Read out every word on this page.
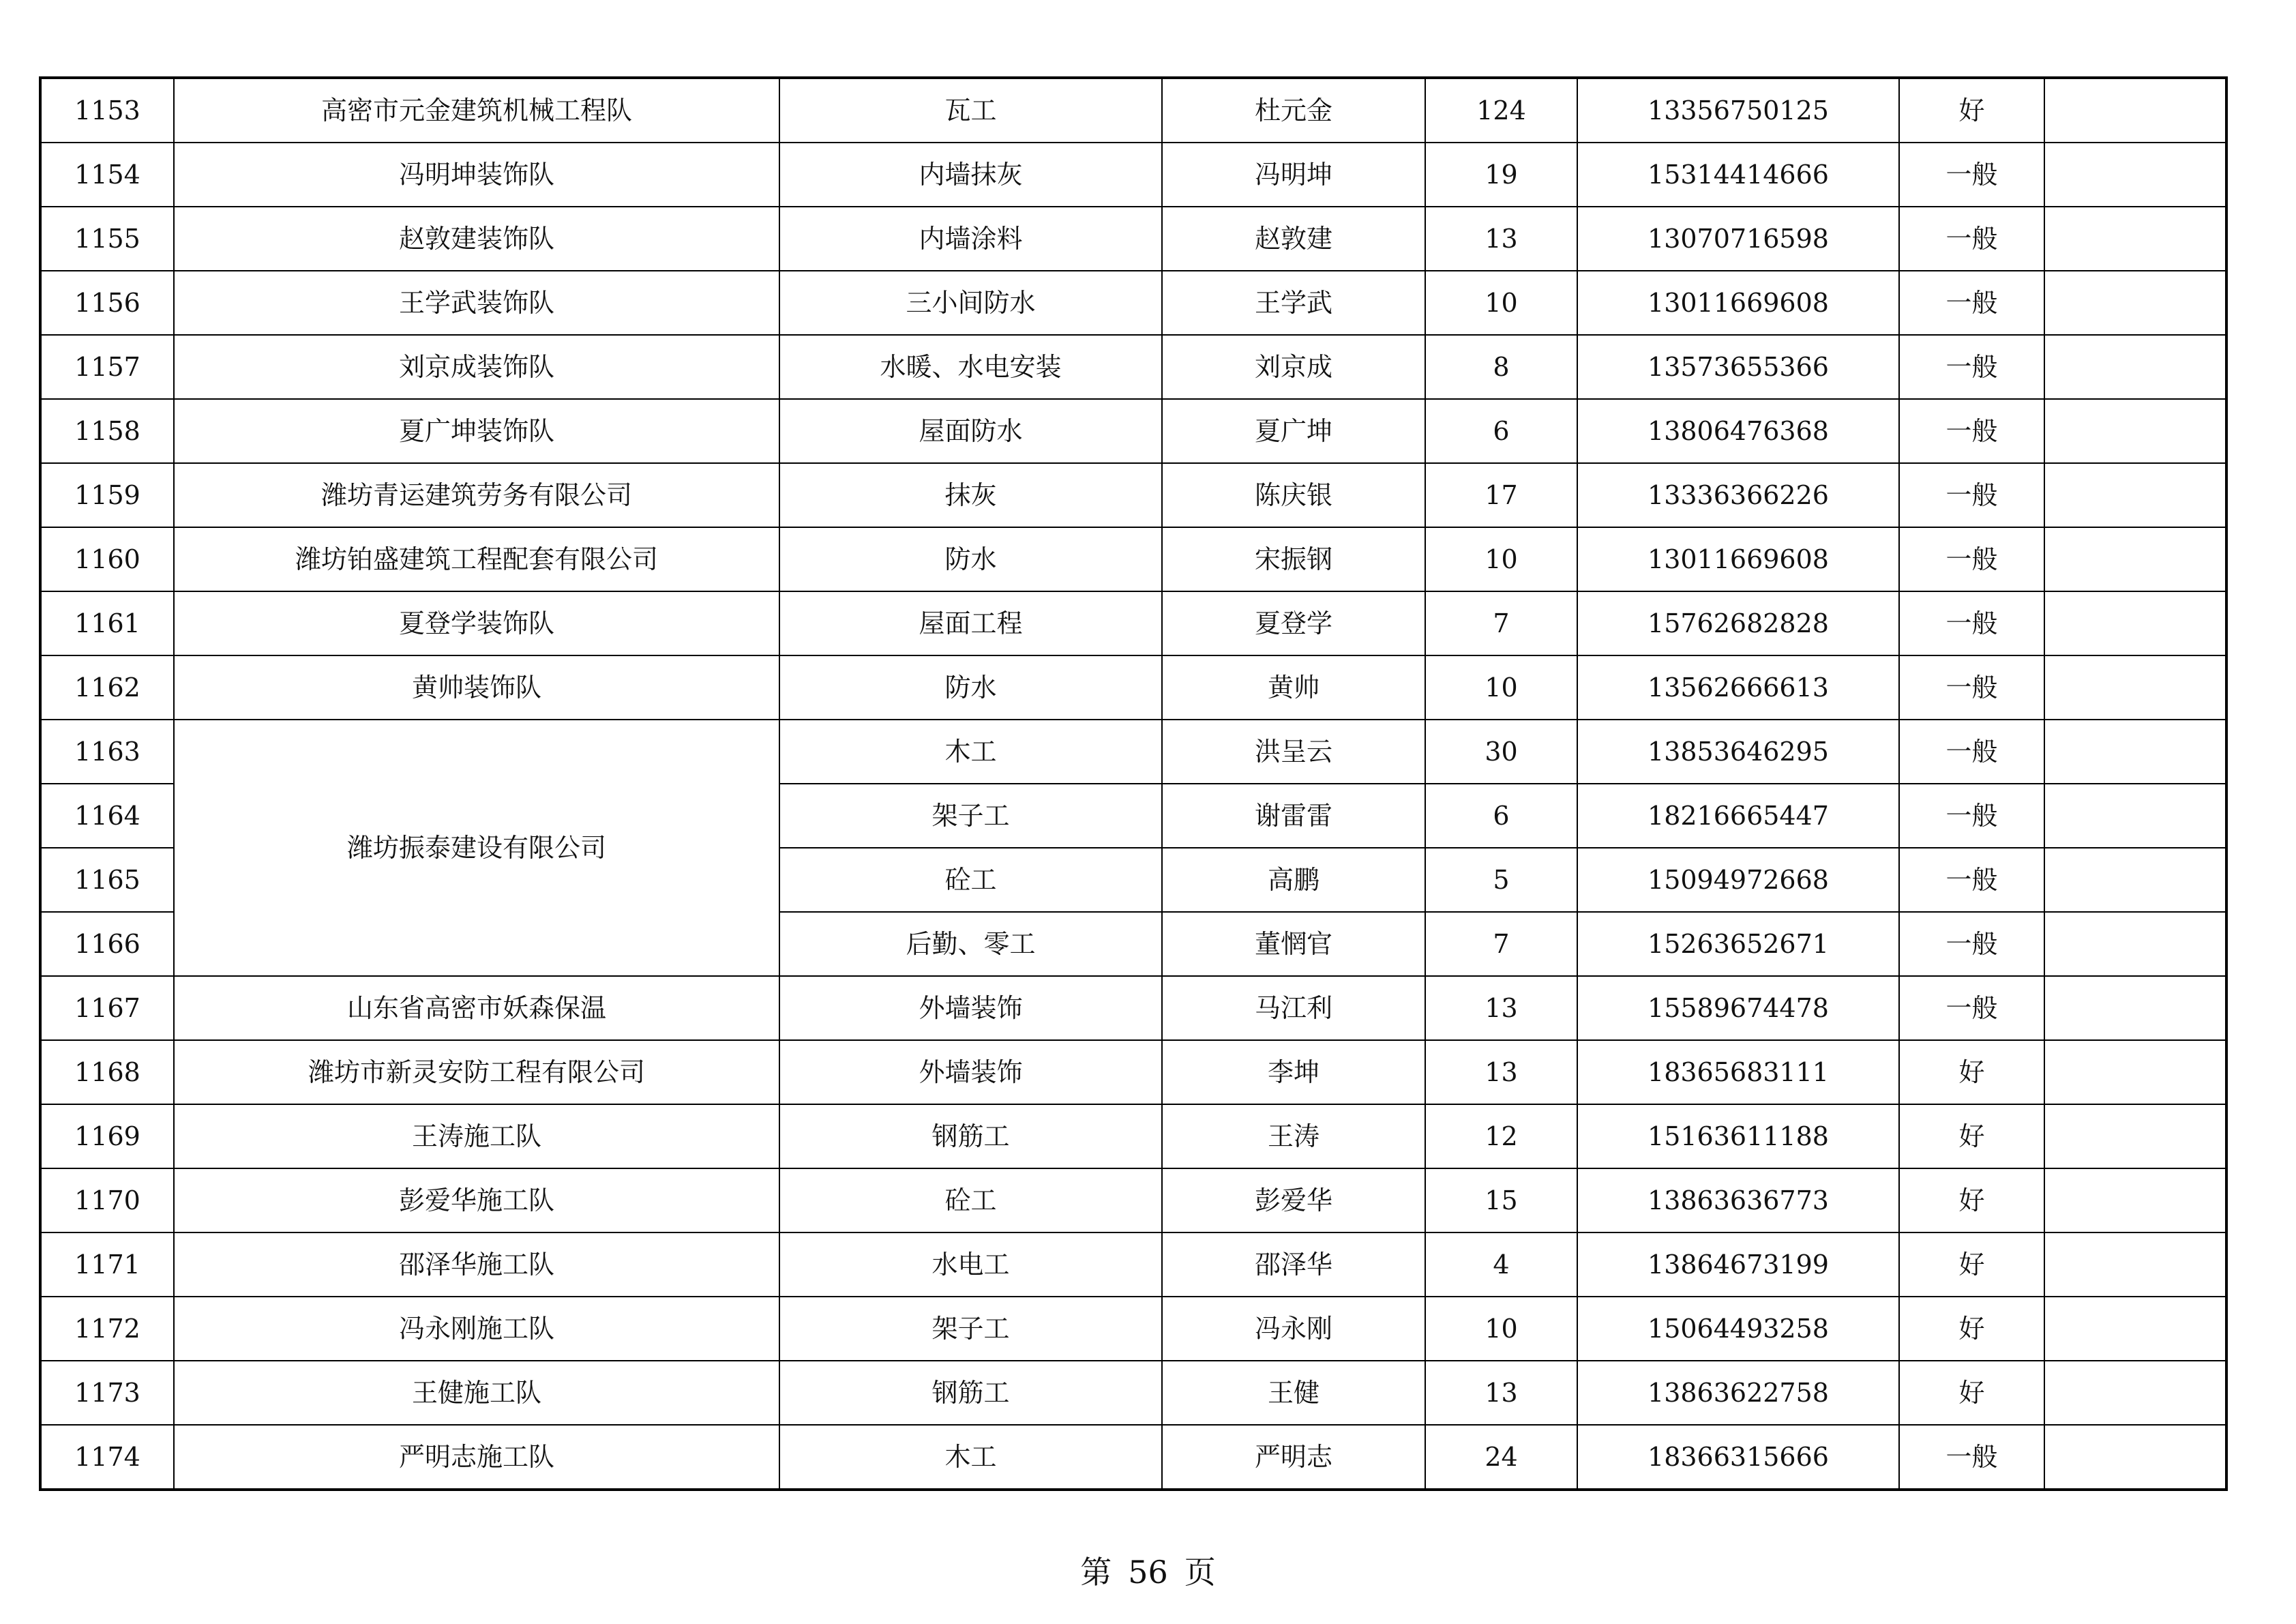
1153	高密市元金建筑机械工程队	瓦工	杜元金	124	13356750125	好	
1154	冯明坤装饰队	内墙抹灰	冯明坤	19	15314414666	一般	
1155	赵敦建装饰队	内墙涂料	赵敦建	13	13070716598	一般	
1156	王学武装饰队	三小间防水	王学武	10	13011669608	一般	
1157	刘京成装饰队	水暖、水电安装	刘京成	8	13573655366	一般	
1158	夏广坤装饰队	屋面防水	夏广坤	6	13806476368	一般	
1159	潍坊青运建筑劳务有限公司	抹灰	陈庆银	17	13336366226	一般	
1160	潍坊铂盛建筑工程配套有限公司	防水	宋振钢	10	13011669608	一般	
1161	夏登学装饰队	屋面工程	夏登学	7	15762682828	一般	
1162	黄帅装饰队	防水	黄帅	10	13562666613	一般	
1163	潍坊振泰建设有限公司	木工	洪呈云	30	13853646295	一般	
1164		架子工	谢雷雷	6	18216665447	一般	
1165		砼工	高鹏	5	15094972668	一般	
1166		后勤、零工	董惘官	7	15263652671	一般	
1167	山东省高密市妖森保温	外墙装饰	马江利	13	15589674478	一般	
1168	潍坊市新灵安防工程有限公司	外墙装饰	李坤	13	18365683111	好	
1169	王涛施工队	钢筋工	王涛	12	15163611188	好	
1170	彭爱华施工队	砼工	彭爱华	15	13863636773	好	
1171	邵泽华施工队	水电工	邵泽华	4	13864673199	好	
1172	冯永刚施工队	架子工	冯永刚	10	15064493258	好	
1173	王健施工队	钢筋工	王健	13	13863622758	好	
1174	严明志施工队	木工	严明志	24	18366315666	一般	
第 56 页
